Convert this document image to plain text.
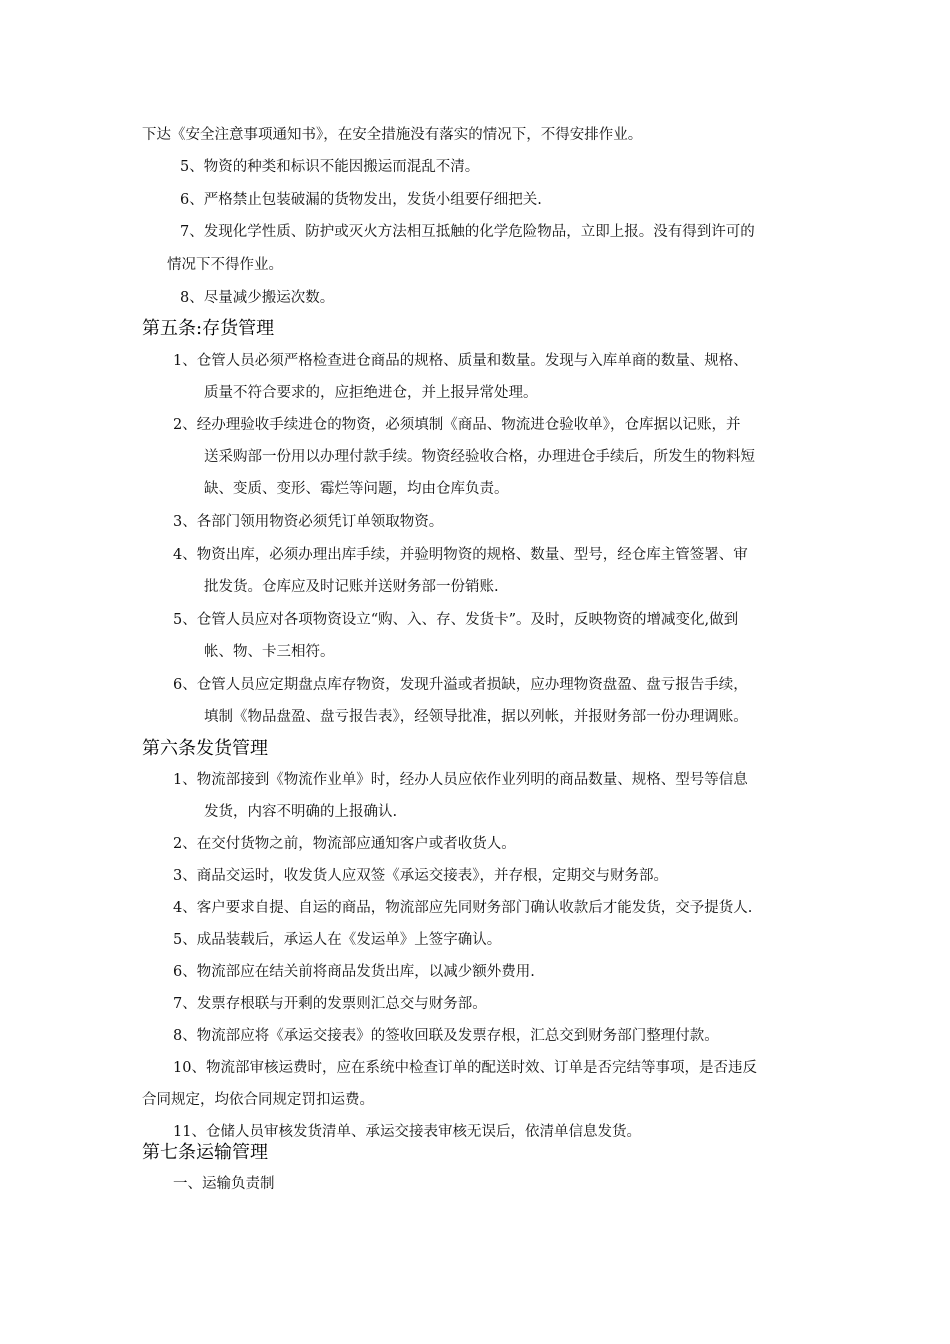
下达《安全注意事项通知书》，在安全措施没有落实的情况下，不得安排作业。
5、物资的种类和标识不能因搬运而混乱不清。
6、严格禁止包装破漏的货物发出，发货小组要仔细把关.
7、发现化学性质、防护或灭火方法相互抵触的化学危险物品，立即上报。没有得到许可的
情况下不得作业。
8、尽量减少搬运次数。
第五条:存货管理
1、仓管人员必须严格检查进仓商品的规格、质量和数量。发现与入库单商的数量、规格、
质量不符合要求的，应拒绝进仓，并上报异常处理。
2、经办理验收手续进仓的物资，必须填制《商品、物流进仓验收单》，仓库据以记账，并
送采购部一份用以办理付款手续。物资经验收合格，办理进仓手续后，所发生的物料短
缺、变质、变形、霉烂等问题，均由仓库负责。
3、各部门领用物资必须凭订单领取物资。
4、物资出库，必须办理出库手续，并验明物资的规格、数量、型号，经仓库主管签署、审
批发货。仓库应及时记账并送财务部一份销账.
5、仓管人员应对各项物资设立“购、入、存、发货卡”。及时，反映物资的增减变化,做到
帐、物、卡三相符。
6、仓管人员应定期盘点库存物资，发现升溢或者损缺，应办理物资盘盈、盘亏报告手续，
填制《物品盘盈、盘亏报告表》，经领导批准，据以列帐，并报财务部一份办理调账。
第六条发货管理
1、物流部接到《物流作业单》时，经办人员应依作业列明的商品数量、规格、型号等信息
发货，内容不明确的上报确认.
2、在交付货物之前，物流部应通知客户或者收货人。
3、商品交运时，收发货人应双签《承运交接表》，并存根，定期交与财务部。
4、客户要求自提、自运的商品，物流部应先同财务部门确认收款后才能发货，交予提货人.
5、成品装载后，承运人在《发运单》上签字确认。
6、物流部应在结关前将商品发货出库，以减少额外费用.
7、发票存根联与开剩的发票则汇总交与财务部。
8、物流部应将《承运交接表》的签收回联及发票存根，汇总交到财务部门整理付款。
10、物流部审核运费时，应在系统中检查订单的配送时效、订单是否完结等事项，是否违反
合同规定，均依合同规定罚扣运费。
11、仓储人员审核发货清单、承运交接表审核无误后，依清单信息发货。
第七条运输管理
一、运输负责制
